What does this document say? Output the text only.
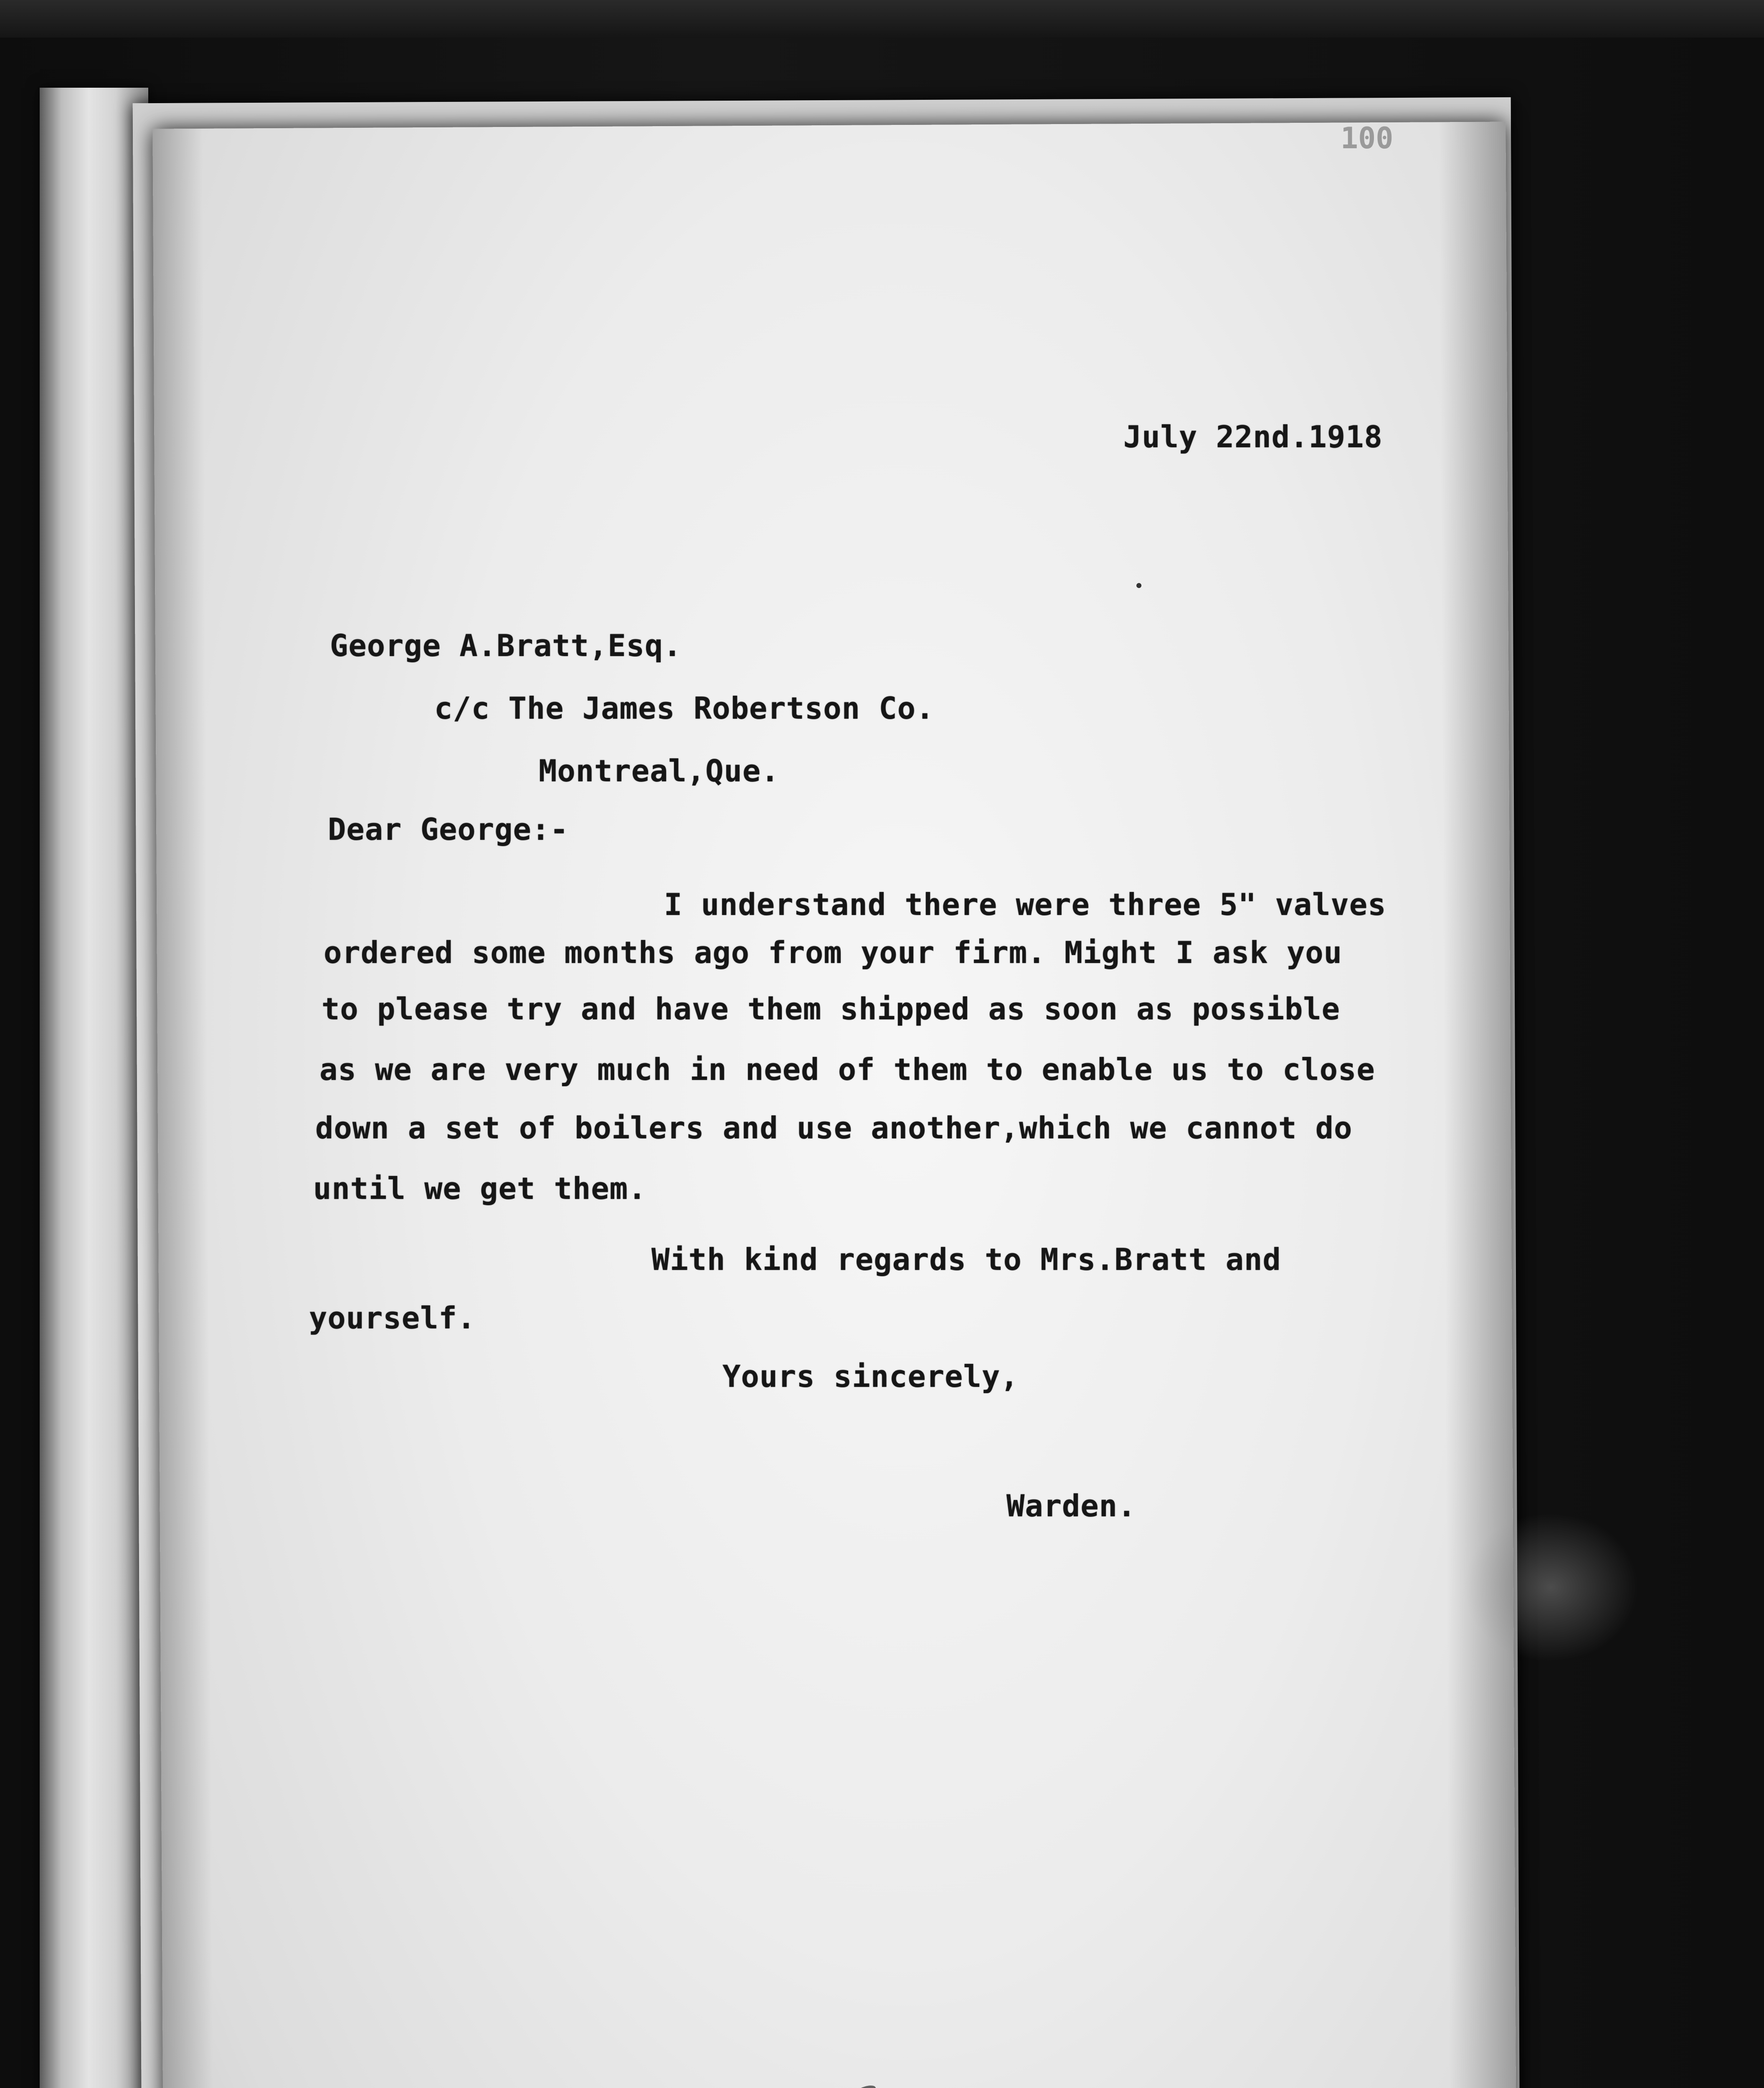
100
July 22nd.1918
George A.Bratt,Esq.
c/c The James Robertson Co.
Montreal,Que.
Dear George:-
I understand there were three 5" valves
ordered some months ago from your firm. Might I ask you
to please try and have them shipped as soon as possible
as we are very much in need of them to enable us to close
down a set of boilers and use another,which we cannot do
until we get them.
With kind regards to Mrs.Bratt and
yourself.
Yours sincerely,
Warden.
